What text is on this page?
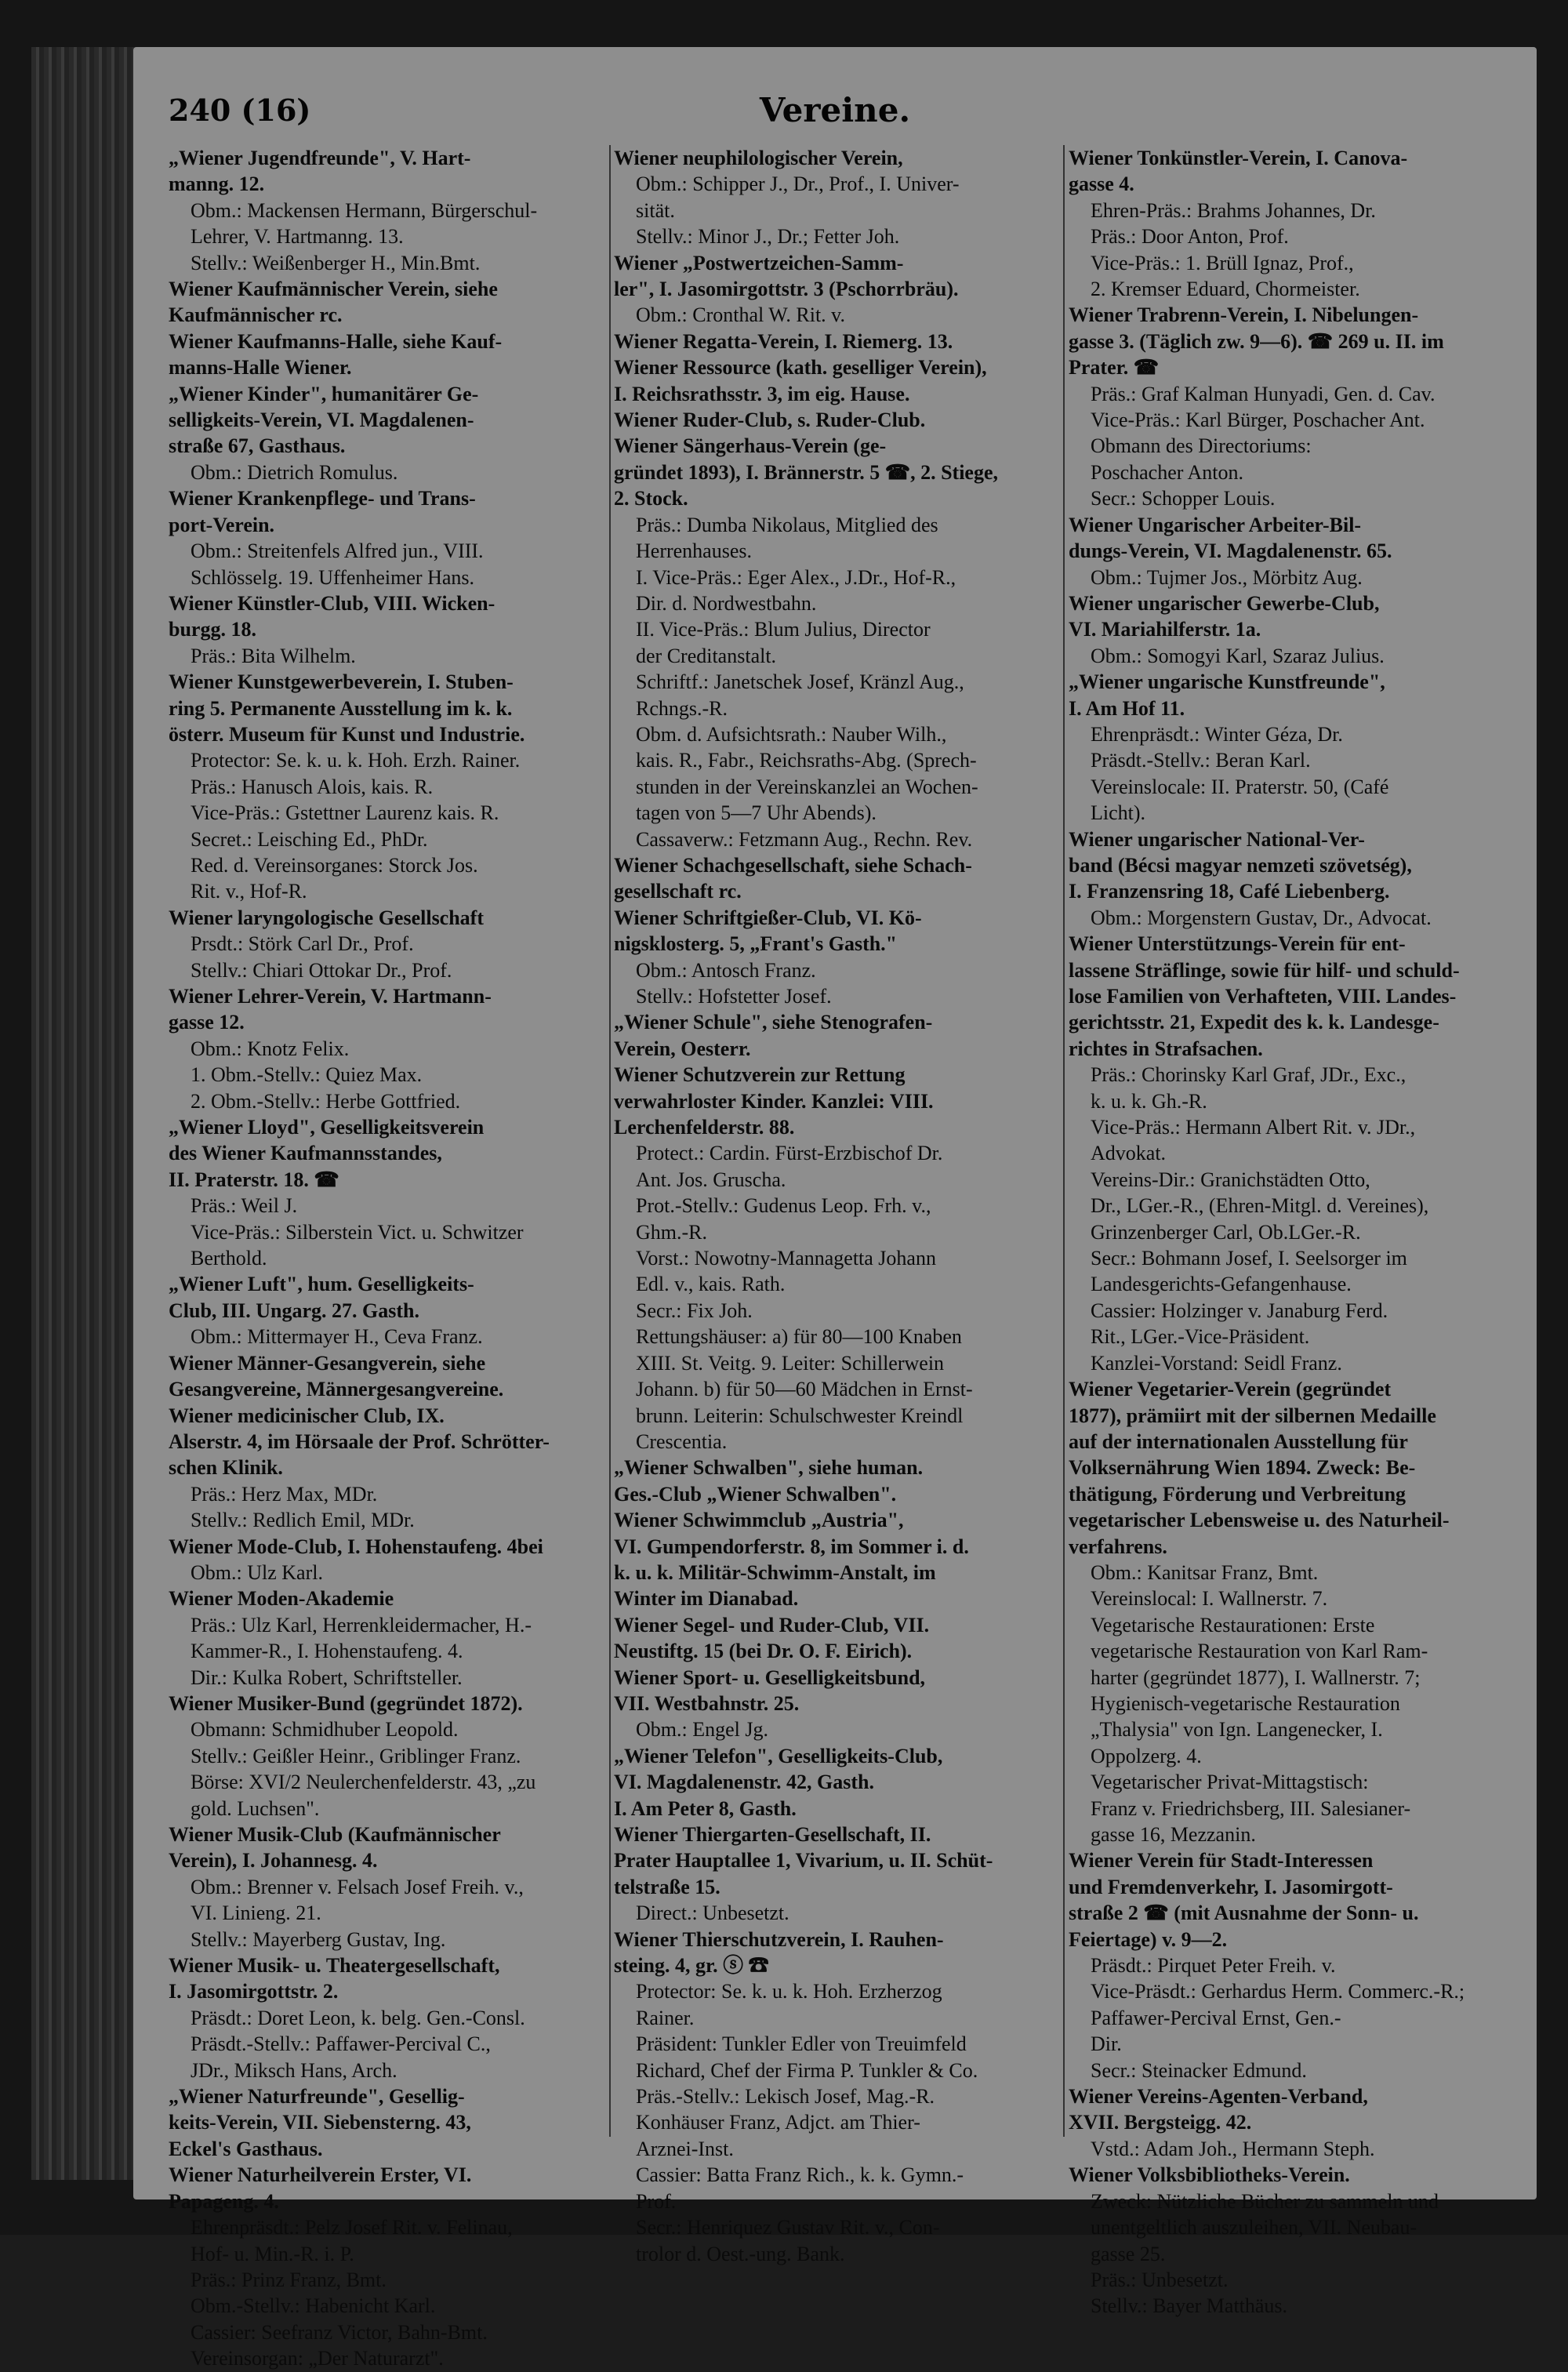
240 (16)	Vereine.
„Wiener Jugendfreunde", V. Hart-
manng. 12.
Obm.: Mackensen Hermann, Bürgerschul-
Lehrer, V. Hartmanng. 13.
Stellv.: Weißenberger H., Min.Bmt.
Wiener Kaufmännischer Verein, siehe
Kaufmännischer rc.
Wiener Kaufmanns-Halle, siehe Kauf-
manns-Halle Wiener.
„Wiener Kinder", humanitärer Ge-
selligkeits-Verein, VI. Magdalenen-
straße 67, Gasthaus.
Obm.: Dietrich Romulus.
Wiener Krankenpflege- und Trans-
port-Verein.
Obm.: Streitenfels Alfred jun., VIII.
Schlösselg. 19. Uffenheimer Hans.
Wiener Künstler-Club, VIII. Wicken-
burgg. 18.
Präs.: Bita Wilhelm.
Wiener Kunstgewerbeverein, I. Stuben-
ring 5. Permanente Ausstellung im k. k.
österr. Museum für Kunst und Industrie.
Protector: Se. k. u. k. Hoh. Erzh. Rainer.
Präs.: Hanusch Alois, kais. R.
Vice-Präs.: Gstettner Laurenz kais. R.
Secret.: Leisching Ed., PhDr.
Red. d. Vereinsorganes: Storck Jos.
Rit. v., Hof-R.
Wiener laryngologische Gesellschaft
Prsdt.: Störk Carl Dr., Prof.
Stellv.: Chiari Ottokar Dr., Prof.
Wiener Lehrer-Verein, V. Hartmann-
gasse 12.
Obm.: Knotz Felix.
1. Obm.-Stellv.: Quiez Max.
2. Obm.-Stellv.: Herbe Gottfried.
„Wiener Lloyd", Geselligkeitsverein
des Wiener Kaufmannsstandes,
II. Praterstr. 18. ☎
Präs.: Weil J.
Vice-Präs.: Silberstein Vict. u. Schwitzer
Berthold.
„Wiener Luft", hum. Geselligkeits-
Club, III. Ungarg. 27. Gasth.
Obm.: Mittermayer H., Ceva Franz.
Wiener Männer-Gesangverein, siehe
Gesangvereine, Männergesangvereine.
Wiener medicinischer Club, IX.
Alserstr. 4, im Hörsaale der Prof. Schrötter-
schen Klinik.
Präs.: Herz Max, MDr.
Stellv.: Redlich Emil, MDr.
Wiener Mode-Club, I. Hohenstaufeng. 4bei
Obm.: Ulz Karl.
Wiener Moden-Akademie
Präs.: Ulz Karl, Herrenkleidermacher, H.-
Kammer-R., I. Hohenstaufeng. 4.
Dir.: Kulka Robert, Schriftsteller.
Wiener Musiker-Bund (gegründet 1872).
Obmann: Schmidhuber Leopold.
Stellv.: Geißler Heinr., Griblinger Franz.
Börse: XVI/2 Neulerchenfelderstr. 43, „zu
gold. Luchsen".
Wiener Musik-Club (Kaufmännischer
Verein), I. Johannesg. 4.
Obm.: Brenner v. Felsach Josef Freih. v.,
VI. Linieng. 21.
Stellv.: Mayerberg Gustav, Ing.
Wiener Musik- u. Theatergesellschaft,
I. Jasomirgottstr. 2.
Präsdt.: Doret Leon, k. belg. Gen.-Consl.
Präsdt.-Stellv.: Paffawer-Percival C.,
JDr., Miksch Hans, Arch.
„Wiener Naturfreunde", Gesellig-
keits-Verein, VII. Siebensterng. 43,
Eckel's Gasthaus.
Wiener Naturheilverein Erster, VI.
Papageng. 4.
Ehrenpräsdt.: Pelz Josef Rit. v. Felinau,
Hof- u. Min.-R. i. P.
Präs.: Prinz Franz, Bmt.
Obm.-Stellv.: Habenicht Karl.
Cassier: Seefranz Victor, Bahn-Bmt.
Vereinsorgan: „Der Naturarzt".
Wiener neuphilologischer Verein,
Obm.: Schipper J., Dr., Prof., I. Univer-
sität.
Stellv.: Minor J., Dr.; Fetter Joh.
Wiener „Postwertzeichen-Samm-
ler", I. Jasomirgottstr. 3 (Pschorrbräu).
Obm.: Cronthal W. Rit. v.
Wiener Regatta-Verein, I. Riemerg. 13.
Wiener Ressource (kath. geselliger Verein),
I. Reichsrathsstr. 3, im eig. Hause.
Wiener Ruder-Club, s. Ruder-Club.
Wiener Sängerhaus-Verein (ge-
gründet 1893), I. Brännerstr. 5 ☎, 2. Stiege,
2. Stock.
Präs.: Dumba Nikolaus, Mitglied des
Herrenhauses.
I. Vice-Präs.: Eger Alex., J.Dr., Hof-R.,
Dir. d. Nordwestbahn.
II. Vice-Präs.: Blum Julius, Director
der Creditanstalt.
Schriftf.: Janetschek Josef, Kränzl Aug.,
Rchngs.-R.
Obm. d. Aufsichtsrath.: Nauber Wilh.,
kais. R., Fabr., Reichsraths-Abg. (Sprech-
stunden in der Vereinskanzlei an Wochen-
tagen von 5—7 Uhr Abends).
Cassaverw.: Fetzmann Aug., Rechn. Rev.
Wiener Schachgesellschaft, siehe Schach-
gesellschaft rc.
Wiener Schriftgießer-Club, VI. Kö-
nigsklosterg. 5, „Frant's Gasth."
Obm.: Antosch Franz.
Stellv.: Hofstetter Josef.
„Wiener Schule", siehe Stenografen-
Verein, Oesterr.
Wiener Schutzverein zur Rettung
verwahrloster Kinder. Kanzlei: VIII.
Lerchenfelderstr. 88.
Protect.: Cardin. Fürst-Erzbischof Dr.
Ant. Jos. Gruscha.
Prot.-Stellv.: Gudenus Leop. Frh. v.,
Ghm.-R.
Vorst.: Nowotny-Mannagetta Johann
Edl. v., kais. Rath.
Secr.: Fix Joh.
Rettungshäuser: a) für 80—100 Knaben
XIII. St. Veitg. 9. Leiter: Schillerwein
Johann. b) für 50—60 Mädchen in Ernst-
brunn. Leiterin: Schulschwester Kreindl
Crescentia.
„Wiener Schwalben", siehe human.
Ges.-Club „Wiener Schwalben".
Wiener Schwimmclub „Austria",
VI. Gumpendorferstr. 8, im Sommer i. d.
k. u. k. Militär-Schwimm-Anstalt, im
Winter im Dianabad.
Wiener Segel- und Ruder-Club, VII.
Neustiftg. 15 (bei Dr. O. F. Eirich).
Wiener Sport- u. Geselligkeitsbund,
VII. Westbahnstr. 25.
Obm.: Engel Jg.
„Wiener Telefon", Geselligkeits-Club,
VI. Magdalenenstr. 42, Gasth.
I. Am Peter 8, Gasth.
Wiener Thiergarten-Gesellschaft, II.
Prater Hauptallee 1, Vivarium, u. II. Schüt-
telstraße 15.
Direct.: Unbesetzt.
Wiener Thierschutzverein, I. Rauhen-
steing. 4, gr. ⓢ ☎
Protector: Se. k. u. k. Hoh. Erzherzog
Rainer.
Präsident: Tunkler Edler von Treuimfeld
Richard, Chef der Firma P. Tunkler & Co.
Präs.-Stellv.: Lekisch Josef, Mag.-R.
Konhäuser Franz, Adjct. am Thier-
Arznei-Inst.
Cassier: Batta Franz Rich., k. k. Gymn.-
Prof.
Secr.: Henriquez Gustav Rit. v., Con-
trolor d. Oest.-ung. Bank.
Wiener Tonkünstler-Verein, I. Canova-
gasse 4.
Ehren-Präs.: Brahms Johannes, Dr.
Präs.: Door Anton, Prof.
Vice-Präs.: 1. Brüll Ignaz, Prof.,
2. Kremser Eduard, Chormeister.
Wiener Trabrenn-Verein, I. Nibelungen-
gasse 3. (Täglich zw. 9—6). ☎ 269 u. II. im
Prater. ☎
Präs.: Graf Kalman Hunyadi, Gen. d. Cav.
Vice-Präs.: Karl Bürger, Poschacher Ant.
Obmann des Directoriums:
Poschacher Anton.
Secr.: Schopper Louis.
Wiener Ungarischer Arbeiter-Bil-
dungs-Verein, VI. Magdalenenstr. 65.
Obm.: Tujmer Jos., Mörbitz Aug.
Wiener ungarischer Gewerbe-Club,
VI. Mariahilferstr. 1a.
Obm.: Somogyi Karl, Szaraz Julius.
„Wiener ungarische Kunstfreunde",
I. Am Hof 11.
Ehrenpräsdt.: Winter Géza, Dr.
Präsdt.-Stellv.: Beran Karl.
Vereinslocale: II. Praterstr. 50, (Café
Licht).
Wiener ungarischer National-Ver-
band (Bécsi magyar nemzeti szövetség),
I. Franzensring 18, Café Liebenberg.
Obm.: Morgenstern Gustav, Dr., Advocat.
Wiener Unterstützungs-Verein für ent-
lassene Sträflinge, sowie für hilf- und schuld-
lose Familien von Verhafteten, VIII. Landes-
gerichtsstr. 21, Expedit des k. k. Landesge-
richtes in Strafsachen.
Präs.: Chorinsky Karl Graf, JDr., Exc.,
k. u. k. Gh.-R.
Vice-Präs.: Hermann Albert Rit. v. JDr.,
Advokat.
Vereins-Dir.: Granichstädten Otto,
Dr., LGer.-R., (Ehren-Mitgl. d. Vereines),
Grinzenberger Carl, Ob.LGer.-R.
Secr.: Bohmann Josef, I. Seelsorger im
Landesgerichts-Gefangenhause.
Cassier: Holzinger v. Janaburg Ferd.
Rit., LGer.-Vice-Präsident.
Kanzlei-Vorstand: Seidl Franz.
Wiener Vegetarier-Verein (gegründet
1877), prämiirt mit der silbernen Medaille
auf der internationalen Ausstellung für
Volksernährung Wien 1894. Zweck: Be-
thätigung, Förderung und Verbreitung
vegetarischer Lebensweise u. des Naturheil-
verfahrens.
Obm.: Kanitsar Franz, Bmt.
Vereinslocal: I. Wallnerstr. 7.
Vegetarische Restaurationen: Erste
vegetarische Restauration von Karl Ram-
harter (gegründet 1877), I. Wallnerstr. 7;
Hygienisch-vegetarische Restauration
„Thalysia" von Ign. Langenecker, I.
Oppolzerg. 4.
Vegetarischer Privat-Mittagstisch:
Franz v. Friedrichsberg, III. Salesianer-
gasse 16, Mezzanin.
Wiener Verein für Stadt-Interessen
und Fremdenverkehr, I. Jasomirgott-
straße 2 ☎ (mit Ausnahme der Sonn- u.
Feiertage) v. 9—2.
Präsdt.: Pirquet Peter Freih. v.
Vice-Präsdt.: Gerhardus Herm. Commerc.-R.;
Paffawer-Percival Ernst, Gen.-
Dir.
Secr.: Steinacker Edmund.
Wiener Vereins-Agenten-Verband,
XVII. Bergsteigg. 42.
Vstd.: Adam Joh., Hermann Steph.
Wiener Volksbibliotheks-Verein.
Zweck: Nützliche Bücher zu sammeln und
unentgeltlich auszuleihen, VII. Neubau-
gasse 25.
Präs.: Unbesetzt.
Stellv.: Bayer Matthäus.
